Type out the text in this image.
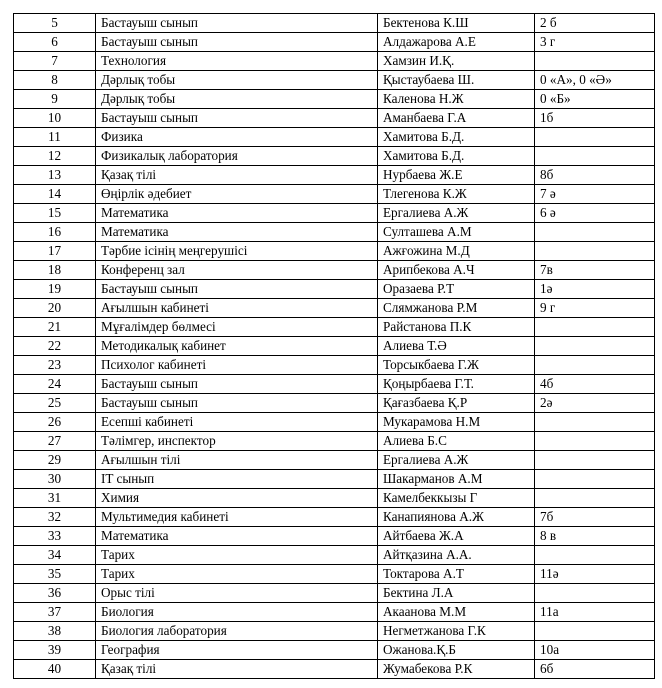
5	Бастауыш сынып	Бектенова К.Ш	2 б
6	Бастауыш сынып	Алдажарова А.Е	3 г
7	Технология	Хамзин И.Қ.	
8	Дәрлық тобы	Қыстаубаева Ш.	0 «А», 0 «Ә»
9	Дәрлық тобы	Каленова Н.Ж	0 «Б»
10	Бастауыш сынып	Аманбаева Г.А	1б
11	Физика	Хамитова Б.Д.	
12	Физикалық лаборатория	Хамитова Б.Д.	
13	Қазақ тілі	Нурбаева Ж.Е	8б
14	Өңірлік әдебиет	Тлегенова К.Ж	7 ә
15	Математика	Ергалиева А.Ж	6 ә
16	Математика	Султашева А.М	
17	Тәрбие ісінің меңгерушісі	Ажғожина М.Д	
18	Конференц зал	Арипбекова А.Ч	7в
19	Бастауыш сынып	Оразаева Р.Т	1ә
20	Ағылшын кабинеті	Слямжанова Р.М	9 г
21	Мұғалімдер бөлмесі	Райстанова П.К	
22	Методикалық кабинет	Алиева Т.Ә	
23	Психолог кабинеті	Торсыкбаева Г.Ж	
24	Бастауыш сынып	Қоңырбаева Г.Т.	4б
25	Бастауыш сынып	Қағазбаева Қ.Р	2ә
26	Есепші кабинеті	Мукарамова Н.М	
27	Тәлімгер, инспектор	Алиева Б.С	
29	Ағылшын тілі	Ергалиева А.Ж	
30	IT сынып	Шакарманов А.М	
31	Химия	Камелбеккызы Г	
32	Мультимедия кабинеті	Канапиянова А.Ж	7б
33	Математика	Айтбаева Ж.А	8 в
34	Тарих	Айтқазина А.А.	
35	Тарих	Токтарова А.Т	11ә
36	Орыс тілі	Бектина Л.А	
37	Биология	Акаанова М.М	11а
38	Биология лаборатория	Негметжанова Г.К	
39	География	Ожанова.Қ.Б	10а
40	Қазақ тілі	Жумабекова Р.К	6б
